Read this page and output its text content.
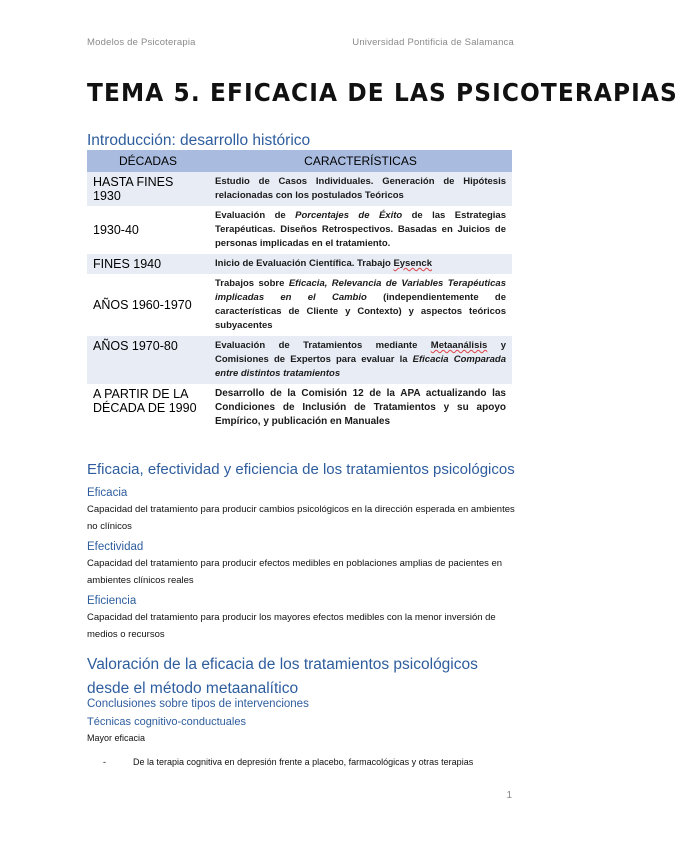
Modelos de Psicoterapia	Universidad Pontificia de Salamanca
TEMA 5. EFICACIA DE LAS PSICOTERAPIAS
Introducción: desarrollo histórico
DÉCADAS	CARACTERÍSTICAS
HASTA FINES 1930	Estudio de Casos Individuales. Generación de Hipótesis relacionadas con los postulados Teóricos
1930-40	Evaluación de Porcentajes de Éxito de las Estrategias Terapéuticas. Diseños Retrospectivos. Basadas en Juicios de personas implicadas en el tratamiento.
FINES 1940	Inicio de Evaluación Científica. Trabajo Eysenck
AÑOS 1960-1970	Trabajos sobre Eficacia, Relevancia de Variables Terapéuticas implicadas en el Cambio (independientemente de características de Cliente y Contexto) y aspectos teóricos subyacentes
AÑOS 1970-80	Evaluación de Tratamientos mediante Metaanálisis y Comisiones de Expertos para evaluar la Eficacia Comparada entre distintos tratamientos
A PARTIR DE LA DÉCADA DE 1990	Desarrollo de la Comisión 12 de la APA actualizando las Condiciones de Inclusión de Tratamientos y su apoyo Empírico, y publicación en Manuales
Eficacia, efectividad y eficiencia de los tratamientos psicológicos
Eficacia
Capacidad del tratamiento para producir cambios psicológicos en la dirección esperada en ambientes no clínicos
Efectividad
Capacidad del tratamiento para producir efectos medibles en poblaciones amplias de pacientes en ambientes clínicos reales
Eficiencia
Capacidad del tratamiento para producir los mayores efectos medibles con la menor inversión de medios o recursos
Valoración de la eficacia de los tratamientos psicológicos desde el método metaanalítico
Conclusiones sobre tipos de intervenciones
Técnicas cognitivo-conductuales
Mayor eficacia
-	De la terapia cognitiva en depresión frente a placebo, farmacológicas y otras terapias
1
